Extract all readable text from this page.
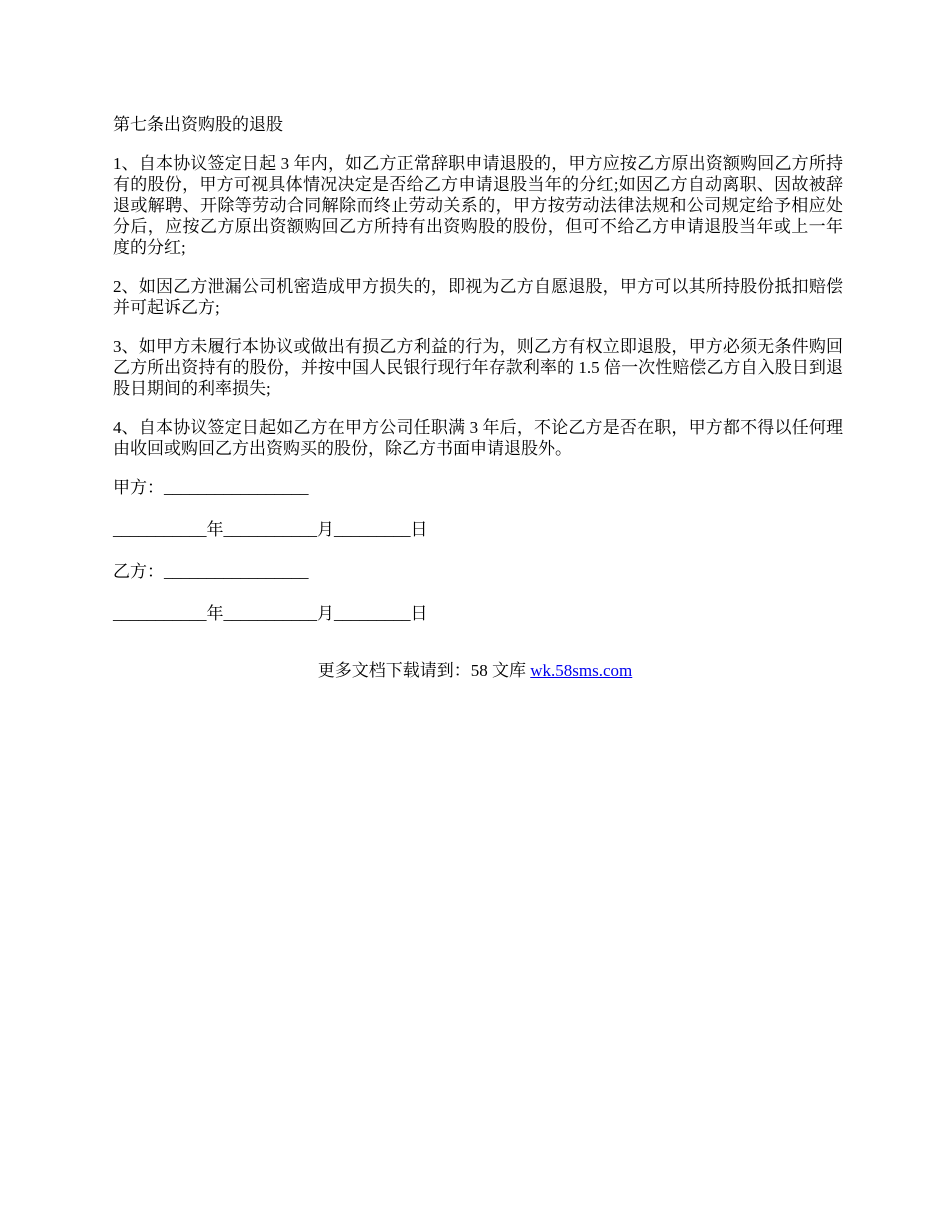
第七条出资购股的退股

1、自本协议签定日起 3 年内，如乙方正常辞职申请退股的，甲方应按乙方原出资额购回乙方所持有的股份，甲方可视具体情况决定是否给乙方申请退股当年的分红;如因乙方自动离职、因故被辞退或解聘、开除等劳动合同解除而终止劳动关系的，甲方按劳动法律法规和公司规定给予相应处分后，应按乙方原出资额购回乙方所持有出资购股的股份，但可不给乙方申请退股当年或上一年度的分红;

2、如因乙方泄漏公司机密造成甲方损失的，即视为乙方自愿退股，甲方可以其所持股份抵扣赔偿并可起诉乙方;

3、如甲方未履行本协议或做出有损乙方利益的行为，则乙方有权立即退股，甲方必须无条件购回乙方所出资持有的股份，并按中国人民银行现行年存款利率的 1.5 倍一次性赔偿乙方自入股日到退股日期间的利率损失;

4、自本协议签定日起如乙方在甲方公司任职满 3 年后，不论乙方是否在职，甲方都不得以任何理由收回或购回乙方出资购买的股份，除乙方书面申请退股外。

甲方：_________________

___________年___________月_________日

乙方：_________________

___________年___________月_________日

更多文档下载请到：58 文库 wk.58sms.com
